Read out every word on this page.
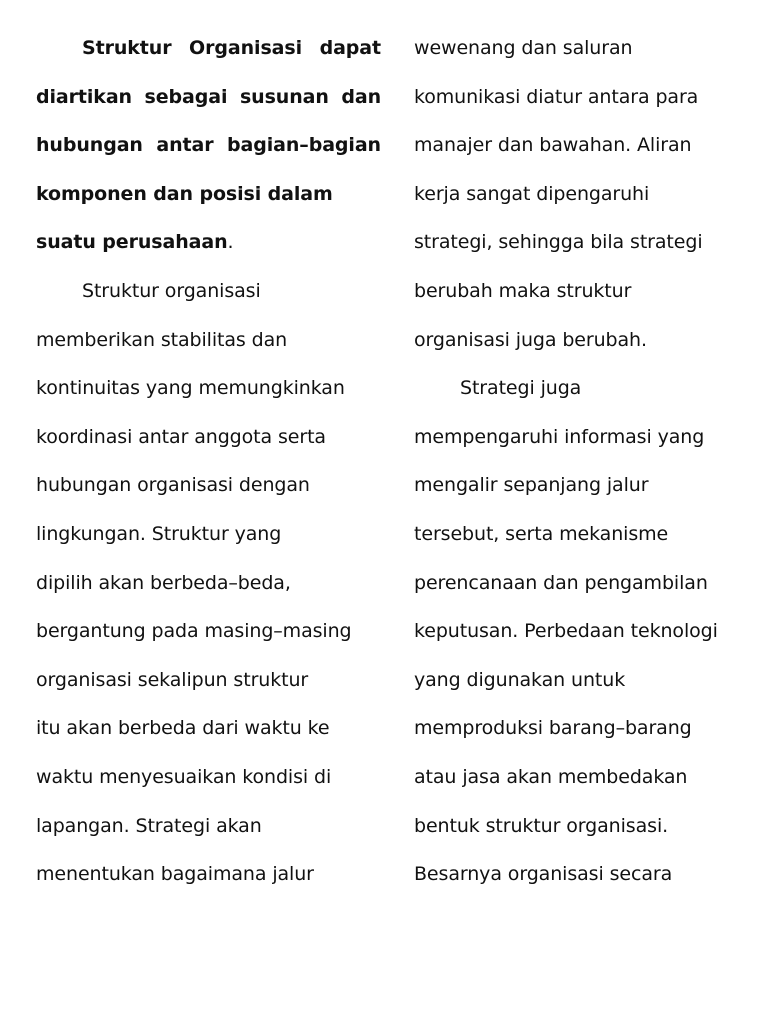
Struktur Organisasi dapat
diartikan sebagai susunan dan
hubungan antar bagian–bagian
komponen dan posisi dalam
suatu perusahaan.
Struktur organisasi
memberikan stabilitas dan
kontinuitas yang memungkinkan
koordinasi antar anggota serta
hubungan organisasi dengan
lingkungan. Struktur yang
dipilih akan berbeda–beda,
bergantung pada masing–masing
organisasi sekalipun struktur
itu akan berbeda dari waktu ke
waktu menyesuaikan kondisi di
lapangan. Strategi akan
menentukan bagaimana jalur
wewenang dan saluran
komunikasi diatur antara para
manajer dan bawahan. Aliran
kerja sangat dipengaruhi
strategi, sehingga bila strategi
berubah maka struktur
organisasi juga berubah.
Strategi juga
mempengaruhi informasi yang
mengalir sepanjang jalur
tersebut, serta mekanisme
perencanaan dan pengambilan
keputusan. Perbedaan teknologi
yang digunakan untuk
memproduksi barang–barang
atau jasa akan membedakan
bentuk struktur organisasi.
Besarnya organisasi secara
